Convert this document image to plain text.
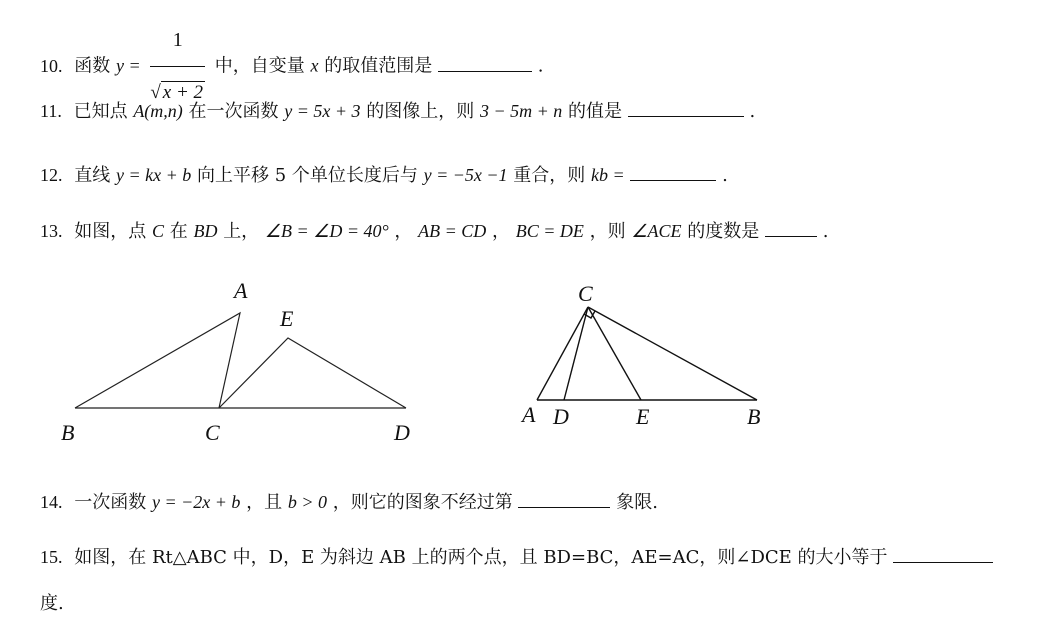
10. 函数 $y = \frac{1}{√ x + 2}$ 中，自变量 x 的取值范围是	.
11. 已知点 A(m,n) 在一次函数 y = 5x + 3 的图像上，则 3 − 5m + n 的值是	.
12. 直线 y = kx + b 向上平移 5 个单位长度后与 y = −5x −1 重合，则 kb =	.
13. 如图，点 C 在 BD 上， ∠B = ∠D = 40° ， AB = CD ， BC = DE ，则 ∠ACE 的度数是	.
A
E
B	C	D
C
A D	E	B
14. 一次函数 y = −2x + b ，且 b > 0 ，则它的图象不经过第	象限.
15. 如图，在 Rt△ABC 中，D，E 为斜边 AB 上的两个点，且 BD=BC，AE=AC，则∠DCE 的大小等于
度.
